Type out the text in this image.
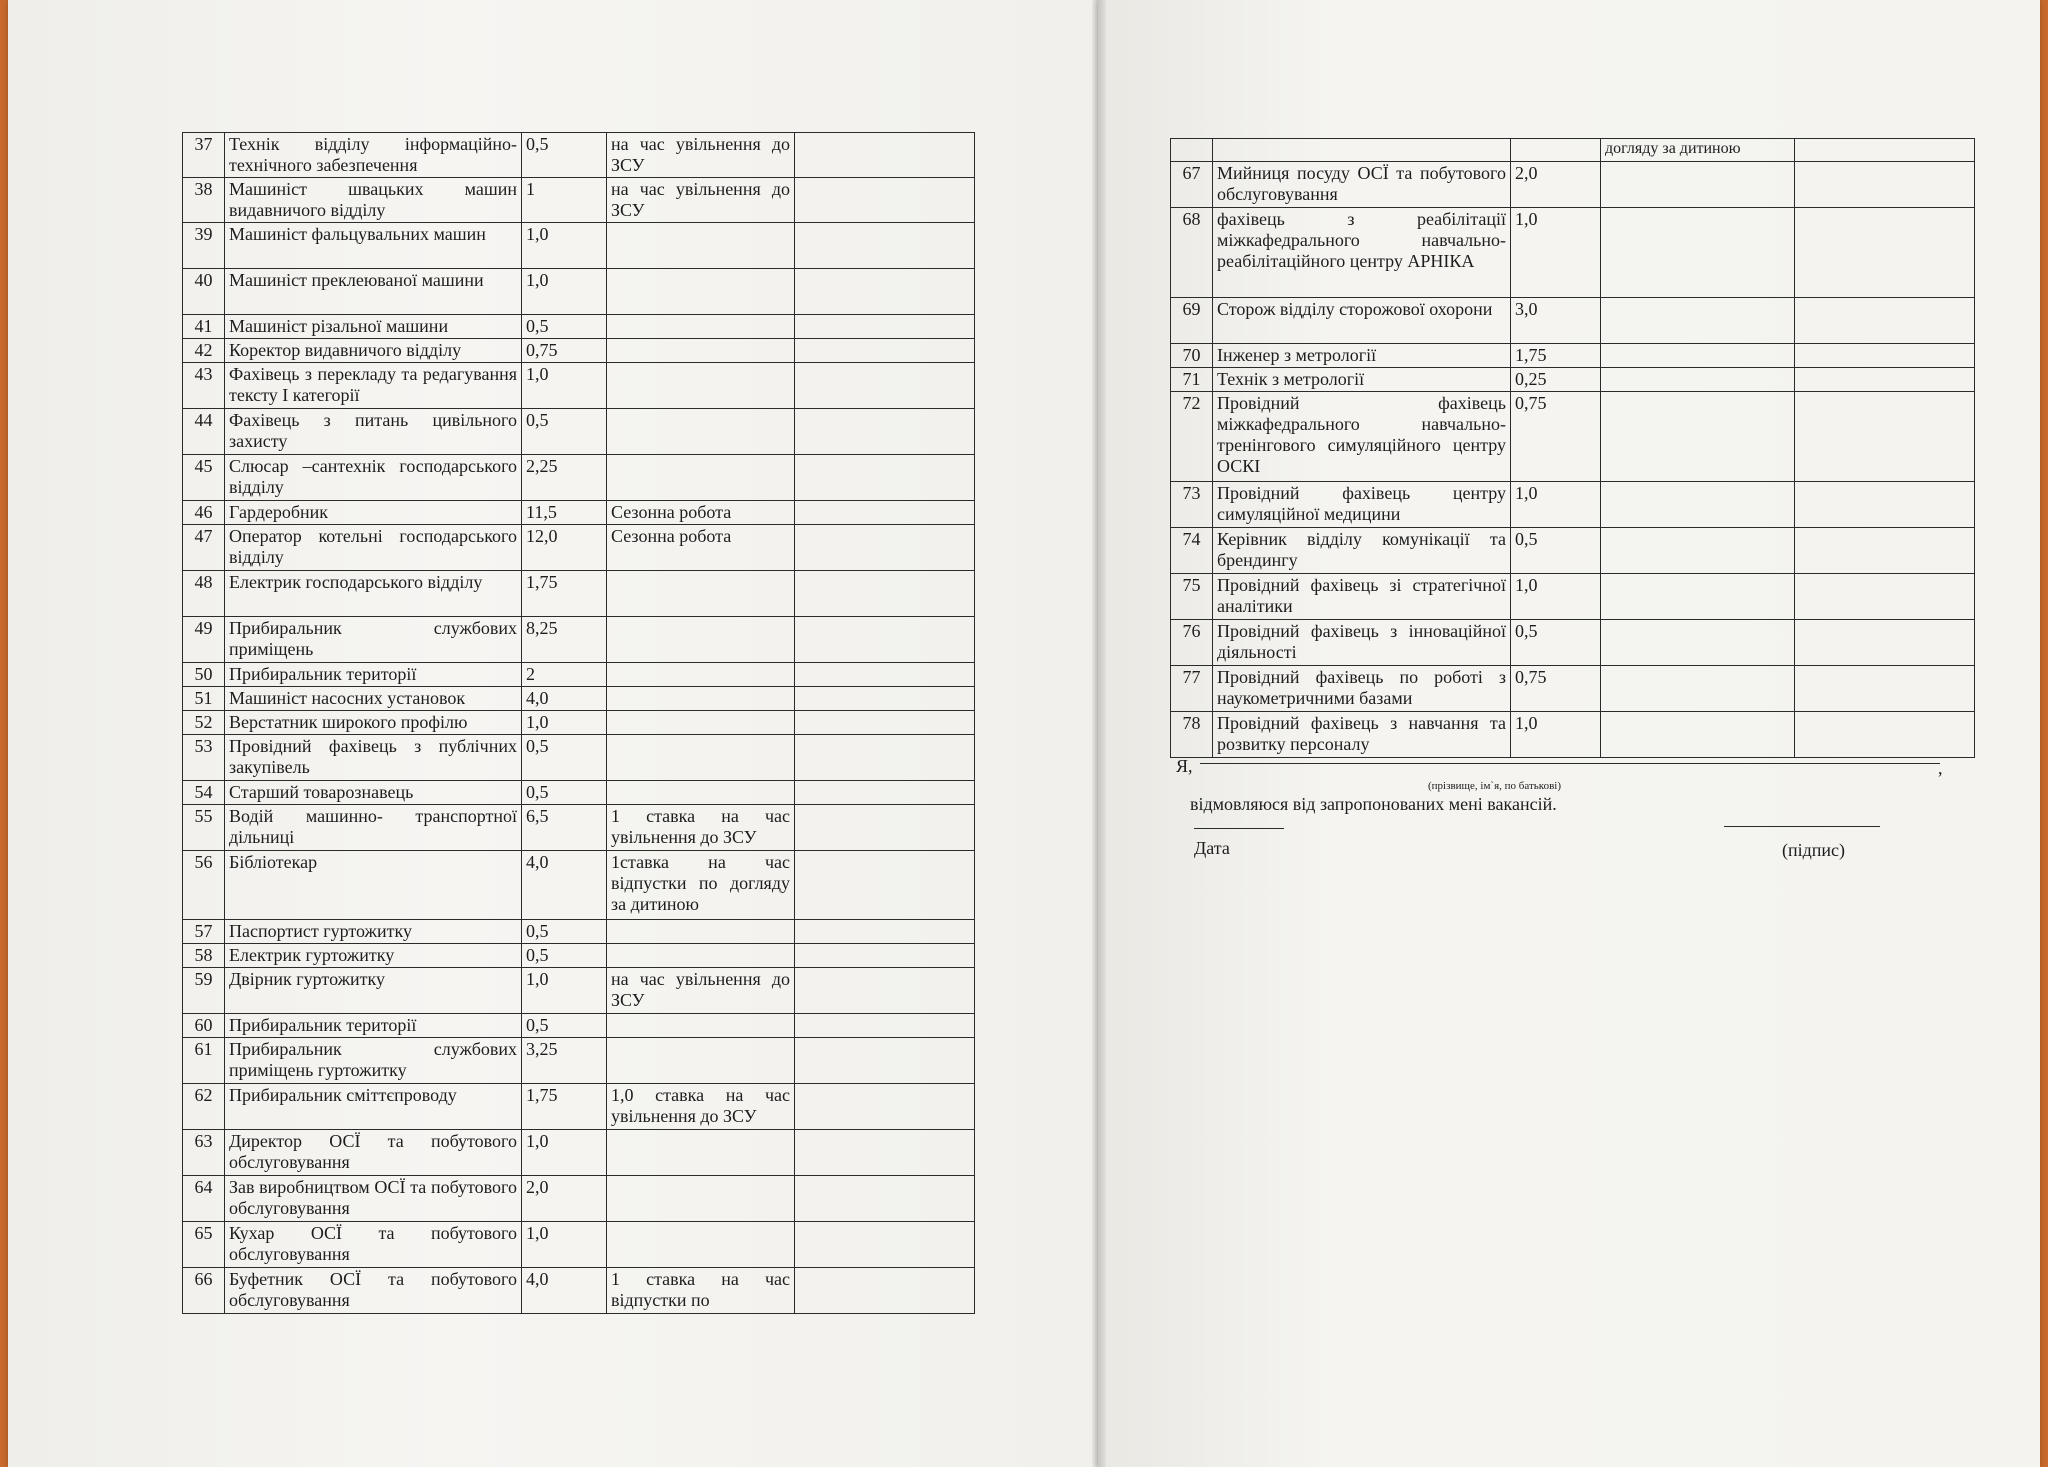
37	Технік відділу інформаційно-технічного забезпечення	0,5	на час увільнення до ЗСУ	
38	Машиніст швацьких машин видавничого відділу	1	на час увільнення до ЗСУ	
39	Машиніст фальцувальних машин	1,0		
40	Машиніст преклеюваної машини	1,0		
41	Машиніст різальної машини	0,5		
42	Коректор видавничого відділу	0,75		
43	Фахівець з перекладу та редагування тексту І категорії	1,0		
44	Фахівець з питань цивільного захисту	0,5		
45	Слюсар –сантехнік господарського відділу	2,25		
46	Гардеробник	11,5	Сезонна робота	
47	Оператор котельні господарського відділу	12,0	Сезонна робота	
48	Електрик господарського відділу	1,75		
49	Прибиральник службових приміщень	8,25		
50	Прибиральник території	2		
51	Машиніст насосних установок	4,0		
52	Верстатник широкого профілю	1,0		
53	Провідний фахівець з публічних закупівель	0,5		
54	Старший товарознавець	0,5		
55	Водій машинно- транспортної дільниці	6,5	1 ставка на час увільнення до ЗСУ	
56	Бібліотекар	4,0	1ставка на час відпустки по догляду за дитиною	
57	Паспортист гуртожитку	0,5		
58	Електрик гуртожитку	0,5		
59	Двірник гуртожитку	1,0	на час увільнення до ЗСУ	
60	Прибиральник території	0,5		
61	Прибиральник службових приміщень гуртожитку	3,25		
62	Прибиральник сміттєпроводу	1,75	1,0 ставка на час увільнення до ЗСУ	
63	Директор ОСЇ та побутового обслуговування	1,0		
64	Зав виробництвом ОСЇ та побутового обслуговування	2,0		
65	Кухар ОСЇ та побутового обслуговування	1,0		
66	Буфетник ОСЇ та побутового обслуговування	4,0	1 ставка на час відпустки по	
			догляду за дитиною	
67	Мийниця посуду ОСЇ та побутового обслуговування	2,0		
68	фахівець з реабілітації міжкафедрального навчально-реабілітаційного центру АРНІКА	1,0		
69	Сторож відділу сторожової охорони	3,0		
70	Інженер з метрології	1,75		
71	Технік з метрології	0,25		
72	Провідний фахівець міжкафедрального навчально-тренінгового симуляційного центру ОСКІ	0,75		
73	Провідний фахівець центру симуляційної медицини	1,0		
74	Керівник відділу комунікації та брендингу	0,5		
75	Провідний фахівець зі стратегічної аналітики	1,0		
76	Провідний фахівець з інноваційної діяльності	0,5		
77	Провідний фахівець по роботі з наукометричними базами	0,75		
78	Провідний фахівець з навчання та розвитку персоналу	1,0		
Я,	,
(прізвище, ім`я, по батькові)
відмовляюся від запропонованих мені вакансій.
Дата	(підпис)
